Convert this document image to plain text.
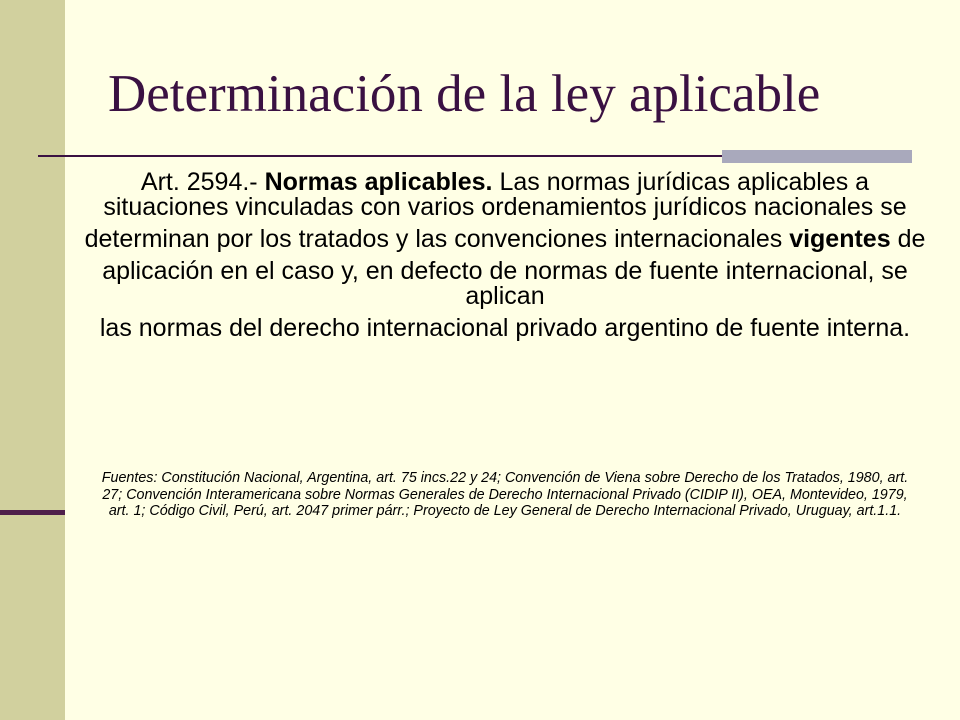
Determinación de la ley aplicable

Art. 2594.- Normas aplicables. Las normas jurídicas aplicables a situaciones vinculadas con varios ordenamientos jurídicos nacionales se

determinan por los tratados y las convenciones internacionales vigentes de

aplicación en el caso y, en defecto de normas de fuente internacional, se aplican

las normas del derecho internacional privado argentino de fuente interna.

Fuentes: Constitución Nacional, Argentina, art. 75 incs.22 y 24; Convención de Viena sobre Derecho de los Tratados, 1980, art. 27; Convención Interamericana sobre Normas Generales de Derecho Internacional Privado (CIDIP II), OEA, Montevideo, 1979, art. 1; Código Civil, Perú, art. 2047 primer párr.; Proyecto de Ley General de Derecho Internacional Privado, Uruguay, art.1.1.
